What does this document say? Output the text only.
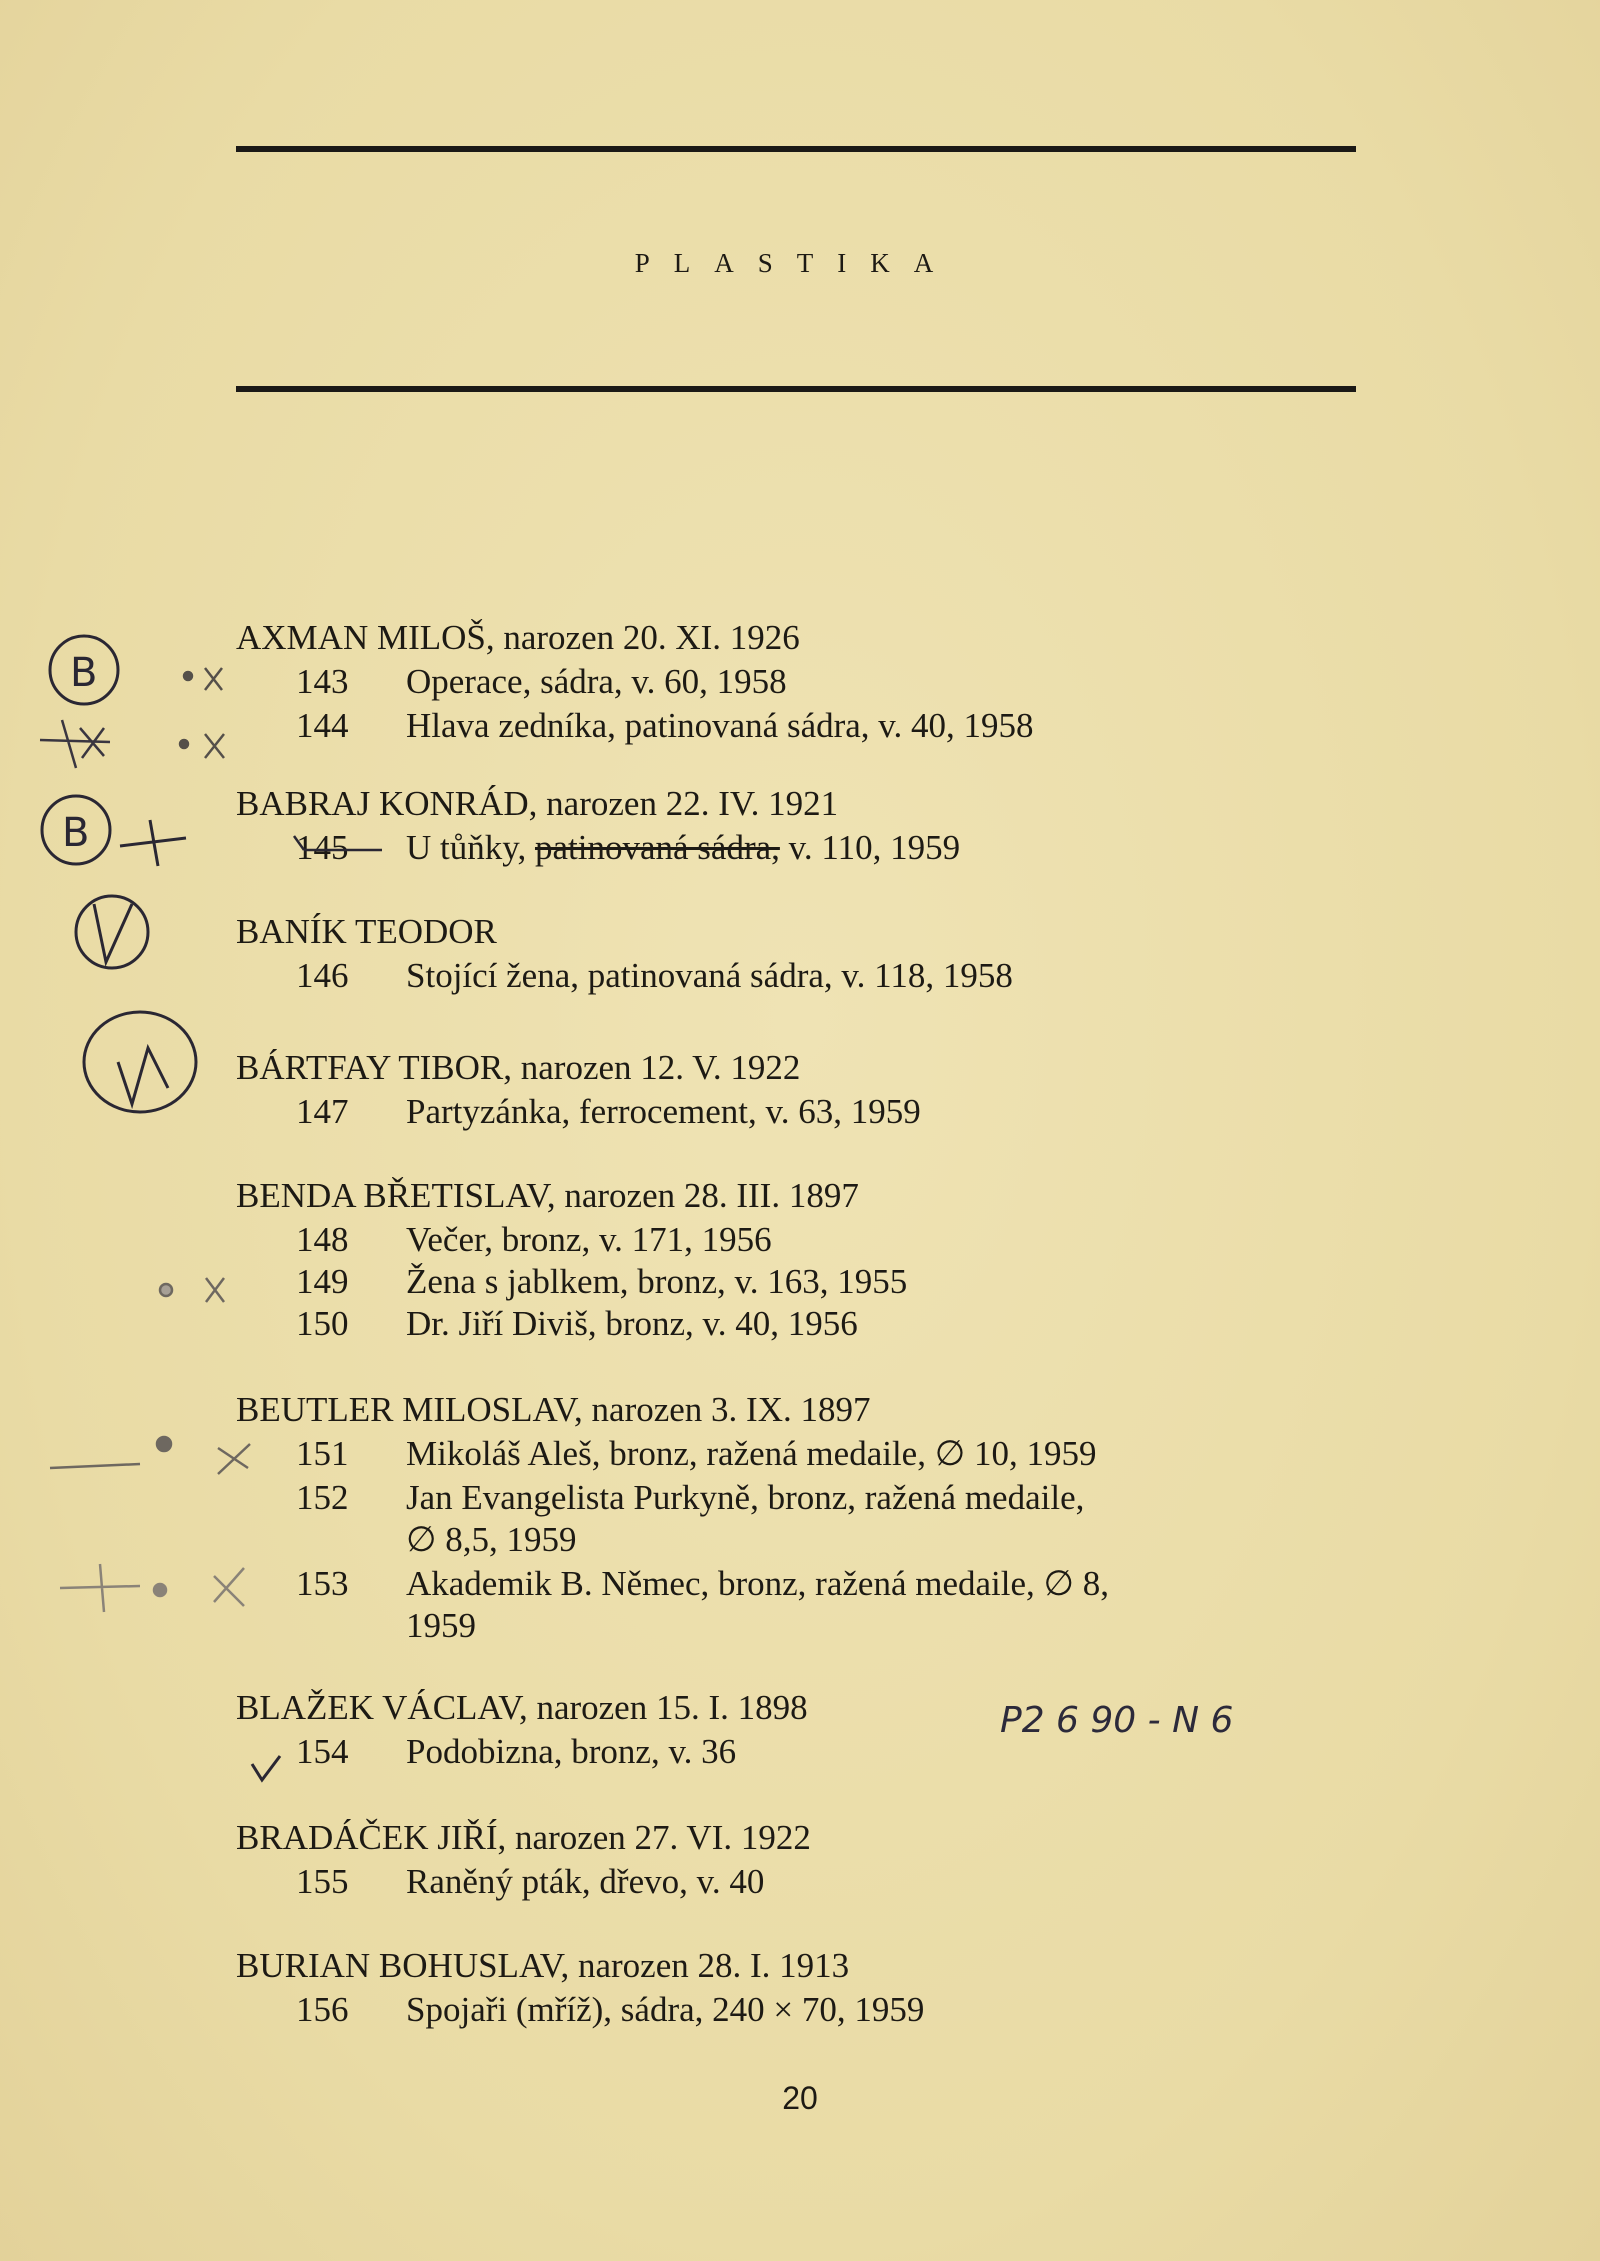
PLASTIKA
AXMAN MILOŠ, narozen 20. XI. 1926
143 Operace, sádra, v. 60, 1958
144 Hlava zedníka, patinovaná sádra, v. 40, 1958
BABRAJ KONRÁD, narozen 22. IV. 1921
145 U tůňky, patinovaná sádra, v. 110, 1959
BANÍK TEODOR
146 Stojící žena, patinovaná sádra, v. 118, 1958
BÁRTFAY TIBOR, narozen 12. V. 1922
147 Partyzánka, ferrocement, v. 63, 1959
BENDA BŘETISLAV, narozen 28. III. 1897
148 Večer, bronz, v. 171, 1956
149 Žena s jablkem, bronz, v. 163, 1955
150 Dr. Jiří Diviš, bronz, v. 40, 1956
BEUTLER MILOSLAV, narozen 3. IX. 1897
151 Mikoláš Aleš, bronz, ražená medaile, ∅ 10, 1959
152 Jan Evangelista Purkyně, bronz, ražená medaile,
∅ 8,5, 1959
153 Akademik B. Němec, bronz, ražená medaile, ∅ 8,
1959
BLAŽEK VÁCLAV, narozen 15. I. 1898
154 Podobizna, bronz, v. 36
BRADÁČEK JIŘÍ, narozen 27. VI. 1922
155 Raněný pták, dřevo, v. 40
BURIAN BOHUSLAV, narozen 28. I. 1913
156 Spojaři (mříž), sádra, 240 × 70, 1959
P2 6 90 - N 6
B
B
20
